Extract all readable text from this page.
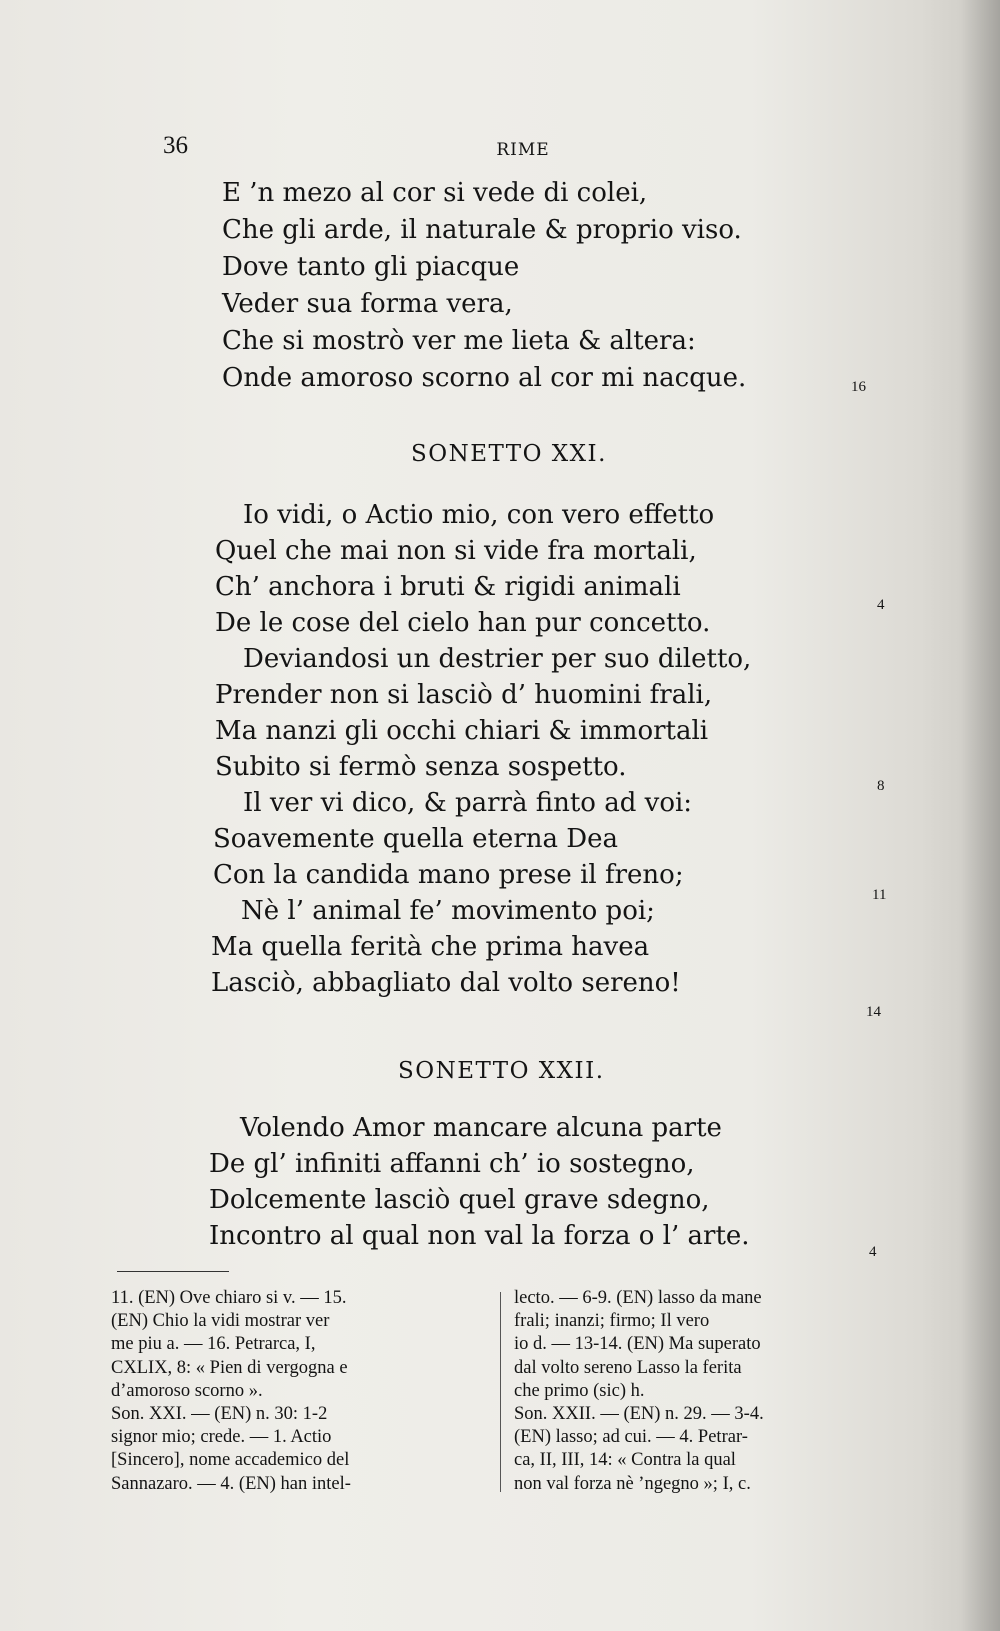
36	RIME
E ’n mezo al cor si vede di colei,
Che gli arde, il naturale & proprio viso.
Dove tanto gli piacque
Veder sua forma vera,
Che si mostrò ver me lieta & altera:
Onde amoroso scorno al cor mi nacque.	16
SONETTO XXI.
Io vidi, o Actio mio, con vero effetto
Quel che mai non si vide fra mortali,
Ch’ anchora i bruti & rigidi animali
De le cose del cielo han pur concetto.
Deviandosi un destrier per suo diletto,
Prender non si lasciò d’ huomini frali,
Ma nanzi gli occhi chiari & immortali
Subito si fermò senza sospetto.
Il ver vi dico, & parrà finto ad voi:
Soavemente quella eterna Dea
Con la candida mano prese il freno;
Nè l’ animal fe’ movimento poi;
Ma quella ferità che prima havea
Lasciò, abbagliato dal volto sereno!
4
8
11
14
SONETTO XXII.
Volendo Amor mancare alcuna parte
De gl’ infiniti affanni ch’ io sostegno,
Dolcemente lasciò quel grave sdegno,
Incontro al qual non val la forza o l’ arte.
4
11. (EN) Ove chiaro si v. — 15.
(EN) Chio la vidi mostrar ver
me piu a. — 16. Petrarca, I,
CXLIX, 8: « Pien di vergogna e
d’amoroso scorno ».
Son. XXI. — (EN) n. 30: 1-2
signor mio; crede. — 1. Actio
[Sincero], nome accademico del
Sannazaro. — 4. (EN) han intel-
lecto. — 6-9. (EN) lasso da mane
frali; inanzi; firmo; Il vero
io d. — 13-14. (EN) Ma superato
dal volto sereno Lasso la ferita
che primo (sic) h.
Son. XXII. — (EN) n. 29. — 3-4.
(EN) lasso; ad cui. — 4. Petrar-
ca, II, III, 14: « Contra la qual
non val forza nè ’ngegno »; I, c.
